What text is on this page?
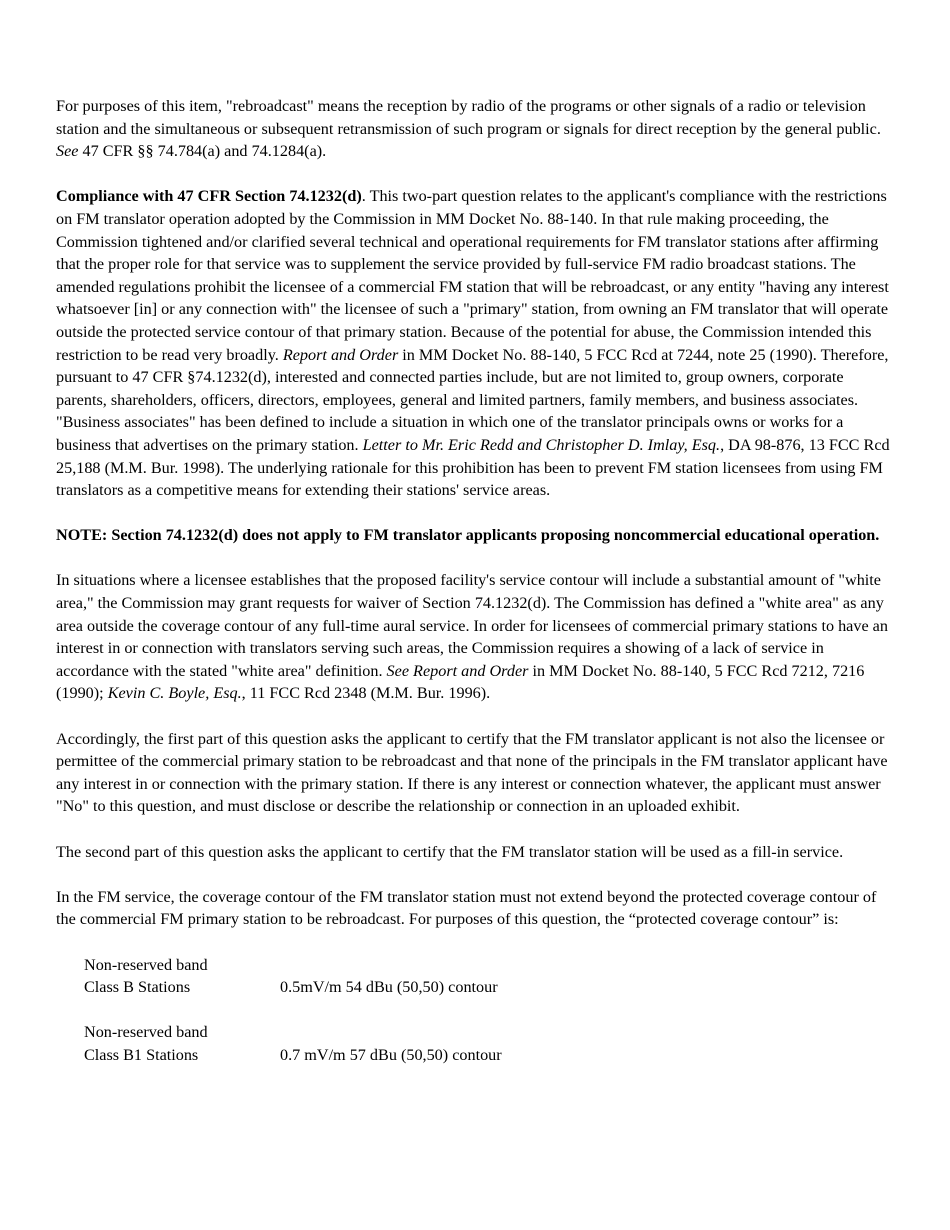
For purposes of this item, "rebroadcast" means the reception by radio of the programs or other signals of a radio or television station and the simultaneous or subsequent retransmission of such program or signals for direct reception by the general public. See 47 CFR §§ 74.784(a) and 74.1284(a).

Compliance with 47 CFR Section 74.1232(d). This two-part question relates to the applicant's compliance with the restrictions on FM translator operation adopted by the Commission in MM Docket No. 88-140. In that rule making proceeding, the Commission tightened and/or clarified several technical and operational requirements for FM translator stations after affirming that the proper role for that service was to supplement the service provided by full-service FM radio broadcast stations. The amended regulations prohibit the licensee of a commercial FM station that will be rebroadcast, or any entity "having any interest whatsoever [in] or any connection with" the licensee of such a "primary" station, from owning an FM translator that will operate outside the protected service contour of that primary station. Because of the potential for abuse, the Commission intended this restriction to be read very broadly. Report and Order in MM Docket No. 88-140, 5 FCC Rcd at 7244, note 25 (1990). Therefore, pursuant to 47 CFR §74.1232(d), interested and connected parties include, but are not limited to, group owners, corporate parents, shareholders, officers, directors, employees, general and limited partners, family members, and business associates. "Business associates" has been defined to include a situation in which one of the translator principals owns or works for a business that advertises on the primary station. Letter to Mr. Eric Redd and Christopher D. Imlay, Esq., DA 98-876, 13 FCC Rcd 25,188 (M.M. Bur. 1998). The underlying rationale for this prohibition has been to prevent FM station licensees from using FM translators as a competitive means for extending their stations' service areas.

NOTE: Section 74.1232(d) does not apply to FM translator applicants proposing noncommercial educational operation.

In situations where a licensee establishes that the proposed facility's service contour will include a substantial amount of "white area," the Commission may grant requests for waiver of Section 74.1232(d). The Commission has defined a "white area" as any area outside the coverage contour of any full-time aural service. In order for licensees of commercial primary stations to have an interest in or connection with translators serving such areas, the Commission requires a showing of a lack of service in accordance with the stated "white area" definition. See Report and Order in MM Docket No. 88-140, 5 FCC Rcd 7212, 7216 (1990); Kevin C. Boyle, Esq., 11 FCC Rcd 2348 (M.M. Bur. 1996).

Accordingly, the first part of this question asks the applicant to certify that the FM translator applicant is not also the licensee or permittee of the commercial primary station to be rebroadcast and that none of the principals in the FM translator applicant have any interest in or connection with the primary station. If there is any interest or connection whatever, the applicant must answer "No" to this question, and must disclose or describe the relationship or connection in an uploaded exhibit.

The second part of this question asks the applicant to certify that the FM translator station will be used as a fill-in service.

In the FM service, the coverage contour of the FM translator station must not extend beyond the protected coverage contour of the commercial FM primary station to be rebroadcast. For purposes of this question, the “protected coverage contour” is:

Non-reserved band
Class B Stations	0.5mV/m 54 dBu (50,50) contour
Non-reserved band
Class B1 Stations	0.7 mV/m 57 dBu (50,50) contour
